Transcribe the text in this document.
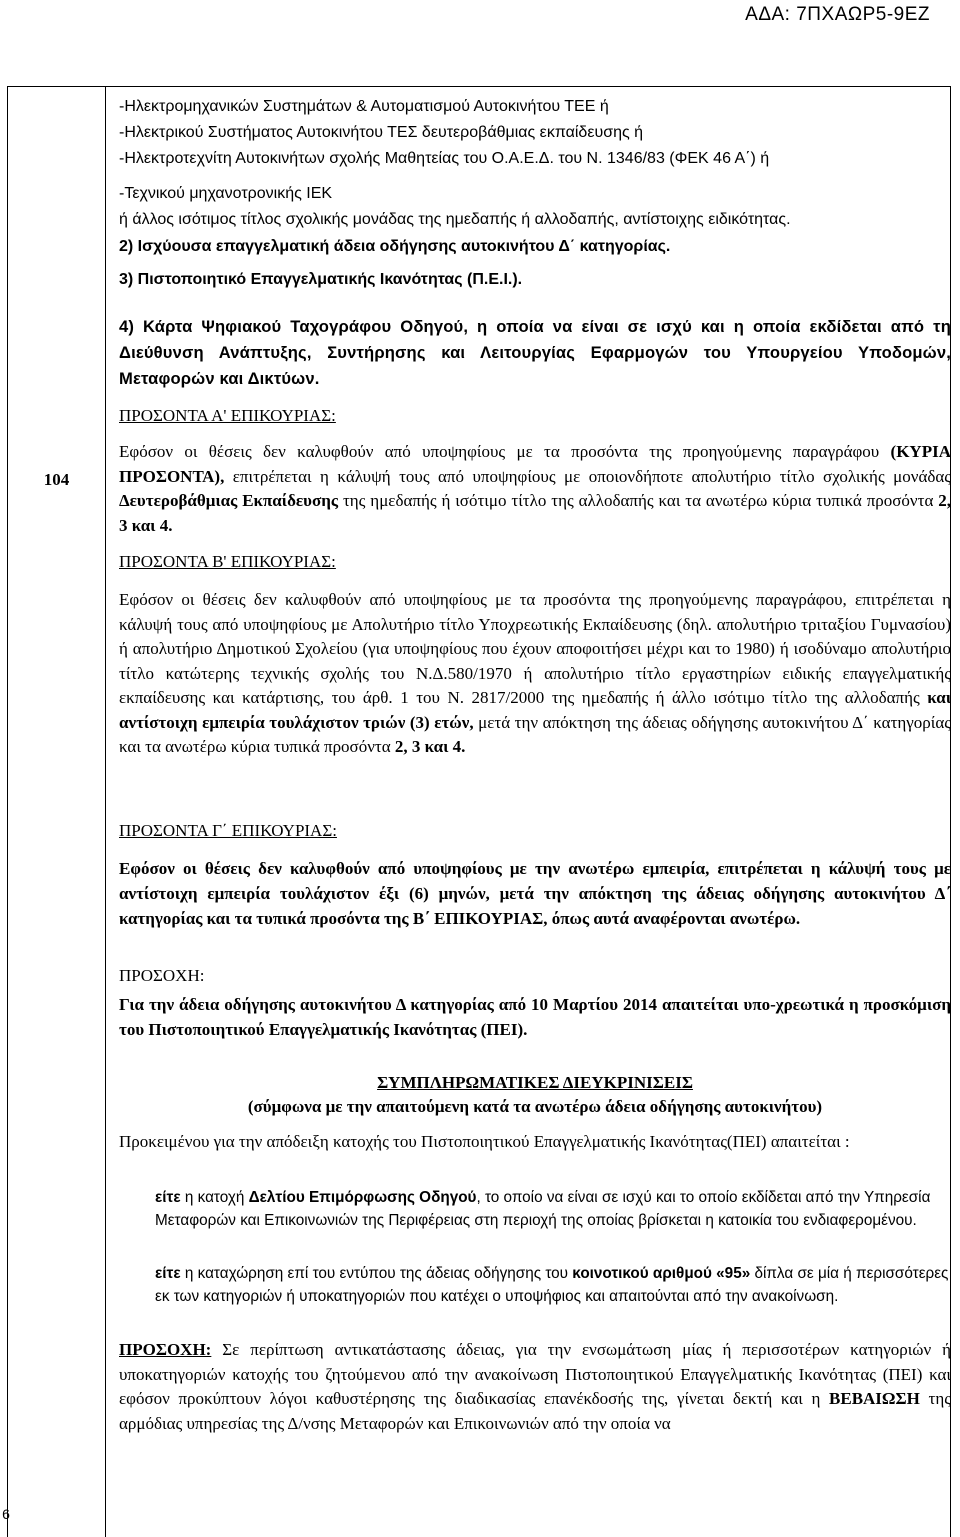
ΑΔΑ: 7ΠΧΑΩΡ5-9ΕΖ
104
6
-Ηλεκτρομηχανικών Συστημάτων & Αυτοματισμού Αυτοκινήτου ΤΕΕ ή
-Ηλεκτρικού Συστήματος Αυτοκινήτου ΤΕΣ δευτεροβάθμιας εκπαίδευσης ή
-Ηλεκτροτεχνίτη Αυτοκινήτων σχολής Μαθητείας του Ο.Α.Ε.Δ. του Ν. 1346/83 (ΦΕΚ 46 Α΄) ή
-Τεχνικού μηχανοτρονικής ΙΕΚ
ή άλλος ισότιμος τίτλος σχολικής μονάδας της ημεδαπής ή αλλοδαπής, αντίστοιχης ειδικότητας.
2) Ισχύουσα επαγγελματική άδεια οδήγησης αυτοκινήτου Δ΄ κατηγορίας.
3) Πιστοποιητικό Επαγγελματικής Ικανότητας (Π.Ε.Ι.).
4) Κάρτα Ψηφιακού Ταχογράφου Οδηγού, η οποία να είναι σε ισχύ και η οποία εκδίδεται από τη Διεύθυνση Ανάπτυξης, Συντήρησης και Λειτουργίας Εφαρμογών του Υπουργείου Υποδομών, Μεταφορών και Δικτύων.
ΠΡΟΣΟΝΤΑ Α' ΕΠΙΚΟΥΡΙΑΣ:
Εφόσον οι θέσεις δεν καλυφθούν από υποψηφίους με τα προσόντα της προηγούμενης παραγράφου (ΚΥΡΙΑ ΠΡΟΣΟΝΤΑ), επιτρέπεται η κάλυψή τους από υποψηφίους με οποιονδήποτε απολυτήριο τίτλο σχολικής μονάδας Δευτεροβάθμιας Εκπαίδευσης της ημεδαπής ή ισότιμο τίτλο της αλλοδαπής και τα ανωτέρω κύρια τυπικά προσόντα 2, 3 και 4.
ΠΡΟΣΟΝΤΑ Β' ΕΠΙΚΟΥΡΙΑΣ:
Εφόσον οι θέσεις δεν καλυφθούν από υποψηφίους με τα προσόντα της προηγούμενης παραγράφου, επιτρέπεται η κάλυψή τους από υποψηφίους με Απολυτήριο τίτλο Υποχρεωτικής Εκπαίδευσης (δηλ. απολυτήριο τριταξίου Γυμνασίου) ή απολυτήριο Δημοτικού Σχολείου (για υποψηφίους που έχουν αποφοιτήσει μέχρι και το 1980) ή ισοδύναμο απολυτήριο τίτλο κατώτερης τεχνικής σχολής του Ν.Δ.580/1970 ή απολυτήριο τίτλο εργαστηρίων ειδικής επαγγελματικής εκπαίδευσης και κατάρτισης, του άρθ. 1 του Ν. 2817/2000 της ημεδαπής ή άλλο ισότιμο τίτλο της αλλοδαπής και αντίστοιχη εμπειρία τουλάχιστον τριών (3) ετών, μετά την απόκτηση της άδειας οδήγησης αυτοκινήτου Δ΄ κατηγορίας και τα ανωτέρω κύρια τυπικά προσόντα 2, 3 και 4.
ΠΡΟΣΟΝΤΑ Γ΄ ΕΠΙΚΟΥΡΙΑΣ:
Εφόσον οι θέσεις δεν καλυφθούν από υποψηφίους με την ανωτέρω εμπειρία, επιτρέπεται η κάλυψή τους με αντίστοιχη εμπειρία τουλάχιστον έξι (6) μηνών, μετά την απόκτηση της άδειας οδήγησης αυτοκινήτου Δ΄ κατηγορίας και τα τυπικά προσόντα της Β΄ ΕΠΙΚΟΥΡΙΑΣ, όπως αυτά αναφέρονται ανωτέρω.
ΠΡΟΣΟΧΗ:
Για την άδεια οδήγησης αυτοκινήτου Δ κατηγορίας από 10 Μαρτίου 2014 απαιτείται υπο-χρεωτικά η προσκόμιση του Πιστοποιητικού Επαγγελματικής Ικανότητας (ΠΕΙ).
ΣΥΜΠΛΗΡΩΜΑΤΙΚΕΣ ΔΙΕΥΚΡΙΝΙΣΕΙΣ
(σύμφωνα με την απαιτούμενη κατά τα ανωτέρω άδεια οδήγησης αυτοκινήτου)
Προκειμένου για την απόδειξη κατοχής του Πιστοποιητικού Επαγγελματικής Ικανότητας(ΠΕΙ) απαιτείται :
είτε η κατοχή Δελτίου Επιμόρφωσης Οδηγού, το οποίο να είναι σε ισχύ και το οποίο εκδίδεται από την Υπηρεσία Μεταφορών και Επικοινωνιών της Περιφέρειας στη περιοχή της οποίας βρίσκεται η κατοικία του ενδιαφερομένου.
είτε η καταχώρηση επί του εντύπου της άδειας οδήγησης του κοινοτικού αριθμού «95» δίπλα σε μία ή περισσότερες εκ των κατηγοριών ή υποκατηγοριών που κατέχει ο υποψήφιος και απαιτούνται από την ανακοίνωση.
ΠΡΟΣΟΧΗ: Σε περίπτωση αντικατάστασης άδειας, για την ενσωμάτωση μίας ή περισσοτέρων κατηγοριών ή υποκατηγοριών κατοχής του ζητούμενου από την ανακοίνωση Πιστοποιητικού Επαγγελματικής Ικανότητας (ΠΕΙ) και εφόσον προκύπτουν λόγοι καθυστέρησης της διαδικασίας επανέκδοσής της, γίνεται δεκτή και η ΒΕΒΑΙΩΣΗ της αρμόδιας υπηρεσίας της Δ/νσης Μεταφορών και Επικοινωνιών από την οποία να
